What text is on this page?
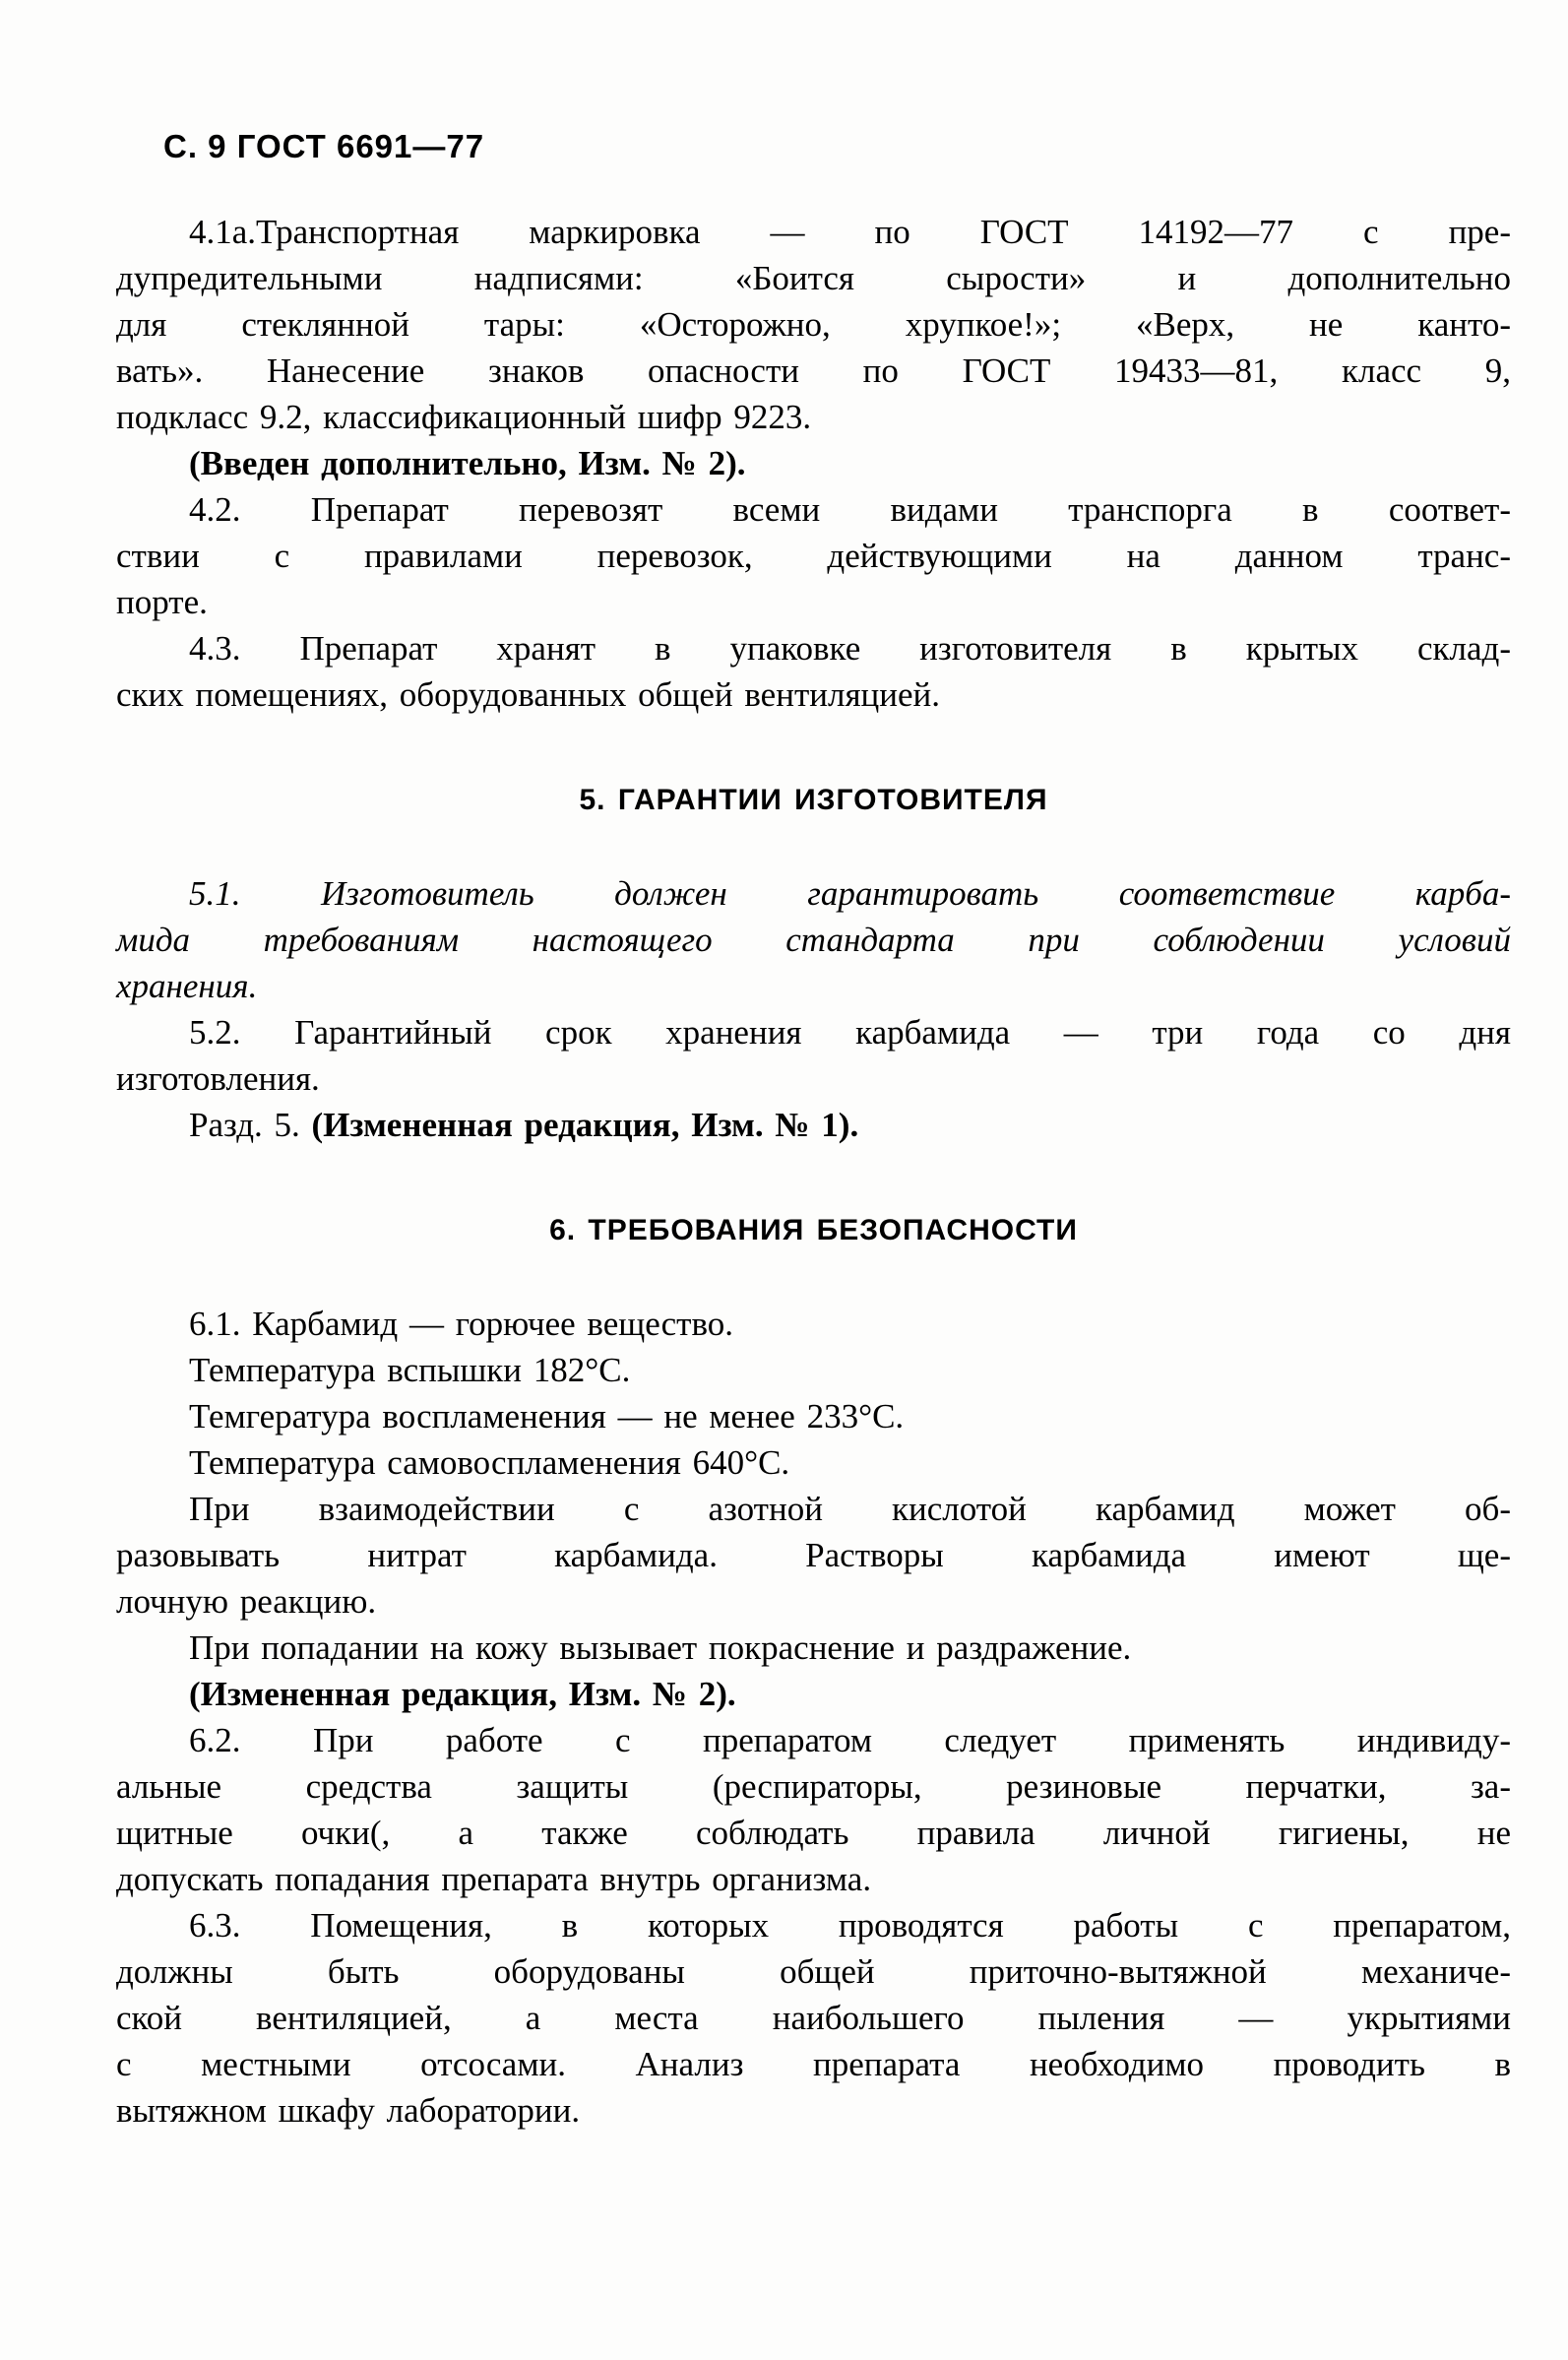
С. 9 ГОСТ 6691—77
4.1а.Транспортная маркировка — по ГОСТ 14192—77 с пре-
дупредительными надписями: «Боится сырости» и дополнительно
для стеклянной тары: «Осторожно, хрупкое!»; «Верх, не канто-
вать». Нанесение знаков опасности по ГОСТ 19433—81, класс 9,
подкласс 9.2, классификационный шифр 9223.
(Введен дополнительно, Изм. № 2).
4.2. Препарат перевозят всеми видами транспорга в соответ-
ствии с правилами перевозок, действующими на данном транс-
порте.
4.3. Препарат хранят в упаковке изготовителя в крытых склад-
ских помещениях, оборудованных общей вентиляцией.
5. ГАРАНТИИ ИЗГОТОВИТЕЛЯ
5.1. Изготовитель должен гарантировать соответствие карба-
мида требованиям настоящего стандарта при соблюдении условий
хранения.
5.2. Гарантийный срок хранения карбамида — три года со дня
изготовления.
Разд. 5. (Измененная редакция, Изм. № 1).
6. ТРЕБОВАНИЯ БЕЗОПАСНОСТИ
6.1. Карбамид — горючее вещество.
Температура вспышки 182°С.
Темгература воспламенения — не менее 233°С.
Температура самовоспламенения 640°С.
При взаимодействии с азотной кислотой карбамид может об-
разовывать нитрат карбамида. Растворы карбамида имеют ще-
лочную реакцию.
При попадании на кожу вызывает покраснение и раздражение.
(Измененная редакция, Изм. № 2).
6.2. При работе с препаратом следует применять индивиду-
альные средства защиты (респираторы, резиновые перчатки, за-
щитные очки(, а также соблюдать правила личной гигиены, не
допускать попадания препарата внутрь организма.
6.3. Помещения, в которых проводятся работы с препаратом,
должны быть оборудованы общей приточно-вытяжной механиче-
ской вентиляцией, а места наибольшего пыления — укрытиями
с местными отсосами. Анализ препарата необходимо проводить в
вытяжном шкафу лаборатории.
